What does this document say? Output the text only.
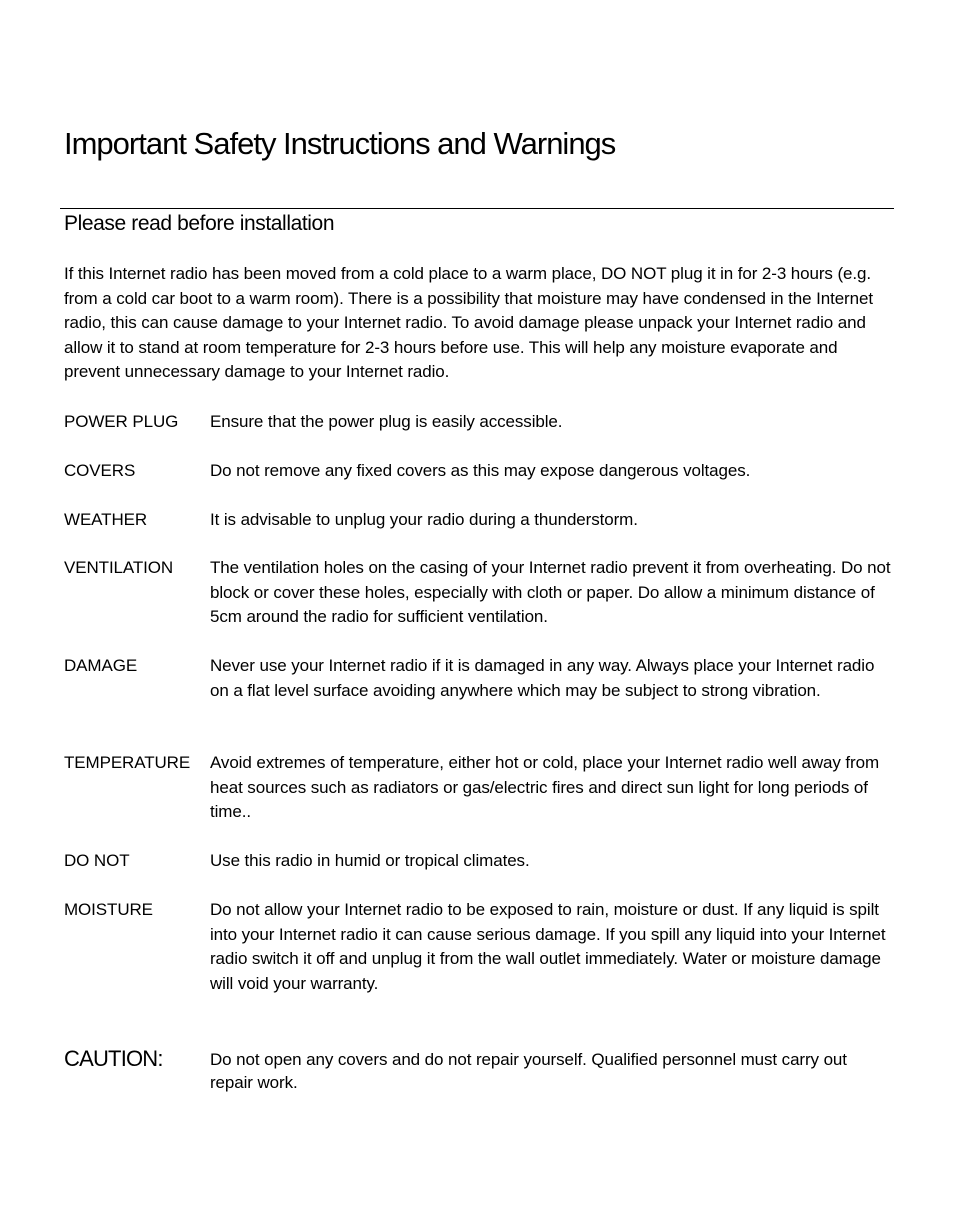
Important Safety Instructions and Warnings
Please read before installation

If this Internet radio has been moved from a cold place to a warm place, DO NOT plug it in for 2-3 hours (e.g. from a cold car boot to a warm room). There is a possibility that moisture may have condensed in the Internet radio, this can cause damage to your Internet radio. To avoid damage please unpack your Internet radio and allow it to stand at room temperature for 2-3 hours before use. This will help any moisture evaporate and prevent unnecessary damage to your Internet radio.

POWER PLUG	Ensure that the power plug is easily accessible.
COVERS	Do not remove any fixed covers as this may expose dangerous voltages.
WEATHER	It is advisable to unplug your radio during a thunderstorm.
VENTILATION	The ventilation holes on the casing of your Internet radio prevent it from overheating. Do not block or cover these holes, especially with cloth or paper. Do allow a minimum distance of 5cm around the radio for sufficient ventilation.
DAMAGE	Never use your Internet radio if it is damaged in any way. Always place your Internet radio on a flat level surface avoiding anywhere which may be subject to strong vibration.
TEMPERATURE	Avoid extremes of temperature, either hot or cold, place your Internet radio well away from heat sources such as radiators or gas/electric fires and direct sun light for long periods of time..
DO NOT	Use this radio in humid or tropical climates.
MOISTURE	Do not allow your Internet radio to be exposed to rain, moisture or dust. If any liquid is spilt into your Internet radio it can cause serious damage. If you spill any liquid into your Internet radio switch it off and unplug it from the wall outlet immediately. Water or moisture damage will void your warranty.
CAUTION:	Do not open any covers and do not repair yourself. Qualified personnel must carry out repair work.
